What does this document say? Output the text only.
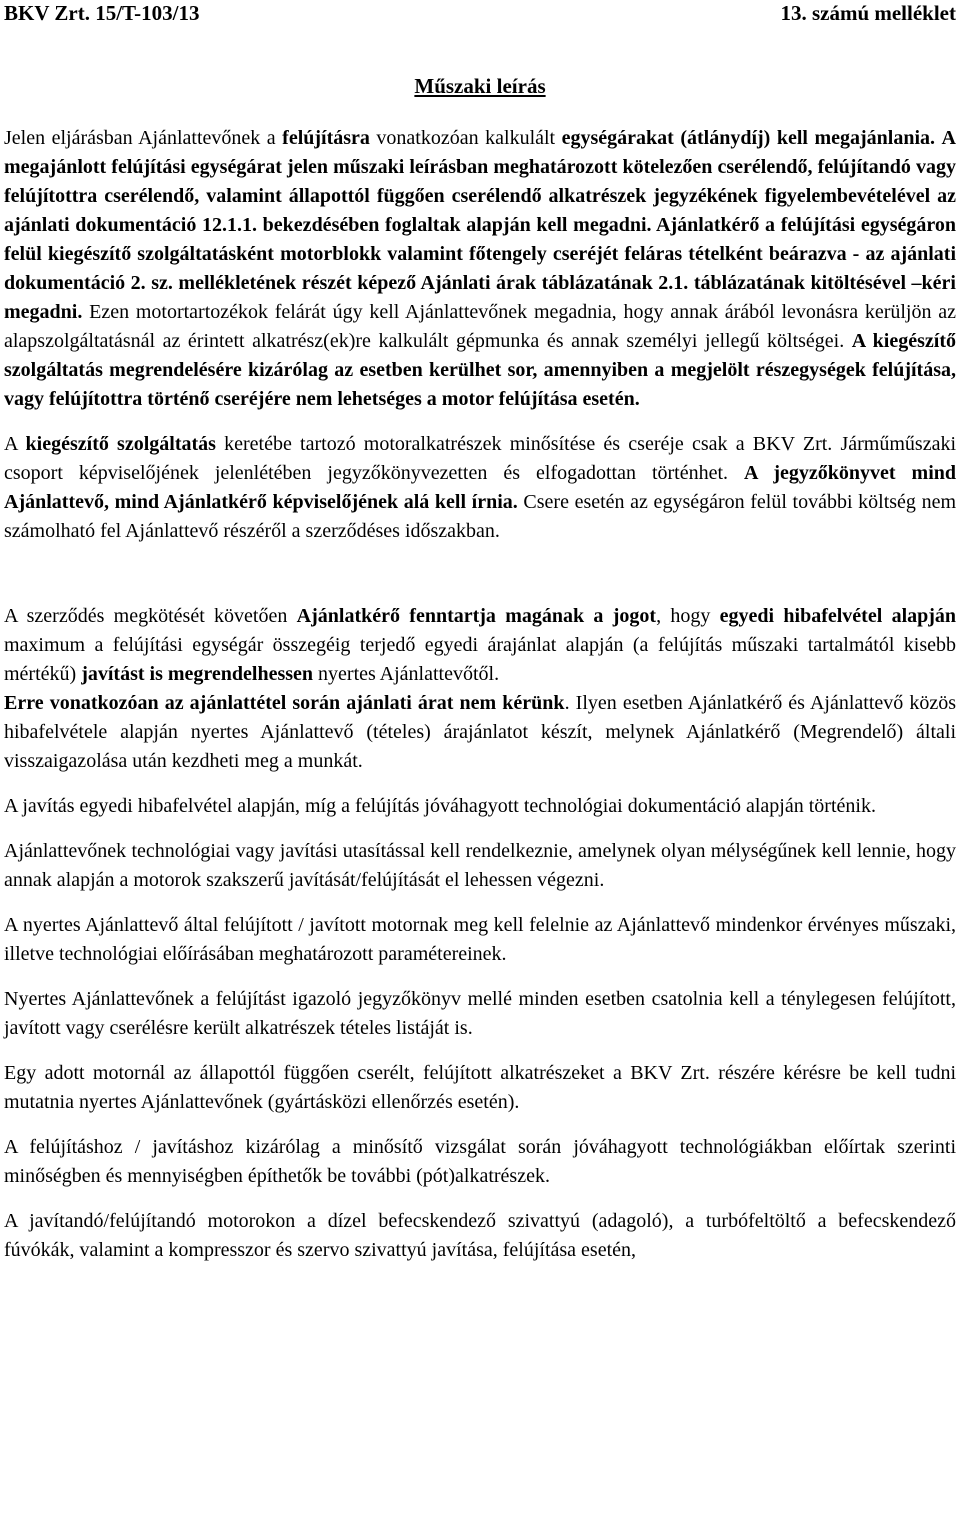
BKV Zrt. 15/T-103/13	13. számú melléklet
Műszaki leírás

Jelen eljárásban Ajánlattevőnek a felújításra vonatkozóan kalkulált egységárakat (átlánydíj) kell megajánlania. A megajánlott felújítási egységárat jelen műszaki leírásban meghatározott kötelezően cserélendő, felújítandó vagy felújítottra cserélendő, valamint állapottól függően cserélendő alkatrészek jegyzékének figyelembevételével az ajánlati dokumentáció 12.1.1. bekezdésében foglaltak alapján kell megadni. Ajánlatkérő a felújítási egységáron felül kiegészítő szolgáltatásként motorblokk valamint főtengely cseréjét feláras tételként beárazva - az ajánlati dokumentáció 2. sz. mellékletének részét képező Ajánlati árak táblázatának 2.1. táblázatának kitöltésével –kéri megadni. Ezen motortartozékok felárát úgy kell Ajánlattevőnek megadnia, hogy annak árából levonásra kerüljön az alapszolgáltatásnál az érintett alkatrész(ek)re kalkulált gépmunka és annak személyi jellegű költségei. A kiegészítő szolgáltatás megrendelésére kizárólag az esetben kerülhet sor, amennyiben a megjelölt részegységek felújítása, vagy felújítottra történő cseréjére nem lehetséges a motor felújítása esetén.

A kiegészítő szolgáltatás keretébe tartozó motoralkatrészek minősítése és cseréje csak a BKV Zrt. Járműműszaki csoport képviselőjének jelenlétében jegyzőkönyvezetten és elfogadottan történhet. A jegyzőkönyvet mind Ajánlattevő, mind Ajánlatkérő képviselőjének alá kell írnia. Csere esetén az egységáron felül további költség nem számolható fel Ajánlattevő részéről a szerződéses időszakban.

A szerződés megkötését követően Ajánlatkérő fenntartja magának a jogot, hogy egyedi hibafelvétel alapján maximum a felújítási egységár összegéig terjedő egyedi árajánlat alapján (a felújítás műszaki tartalmától kisebb mértékű) javítást is megrendelhessen nyertes Ajánlattevőtől.
Erre vonatkozóan az ajánlattétel során ajánlati árat nem kérünk. Ilyen esetben Ajánlatkérő és Ajánlattevő közös hibafelvétele alapján nyertes Ajánlattevő (tételes) árajánlatot készít, melynek Ajánlatkérő (Megrendelő) általi visszaigazolása után kezdheti meg a munkát.

A javítás egyedi hibafelvétel alapján, míg a felújítás jóváhagyott technológiai dokumentáció alapján történik.

Ajánlattevőnek technológiai vagy javítási utasítással kell rendelkeznie, amelynek olyan mélységűnek kell lennie, hogy annak alapján a motorok szakszerű javítását/felújítását el lehessen végezni.

A nyertes Ajánlattevő által felújított / javított motornak meg kell felelnie az Ajánlattevő mindenkor érvényes műszaki, illetve technológiai előírásában meghatározott paramétereinek.

Nyertes Ajánlattevőnek a felújítást igazoló jegyzőkönyv mellé minden esetben csatolnia kell a ténylegesen felújított, javított vagy cserélésre került alkatrészek tételes listáját is.

Egy adott motornál az állapottól függően cserélt, felújított alkatrészeket a BKV Zrt. részére kérésre be kell tudni mutatnia nyertes Ajánlattevőnek (gyártásközi ellenőrzés esetén).

A felújításhoz / javításhoz kizárólag a minősítő vizsgálat során jóváhagyott technológiákban előírtak szerinti minőségben és mennyiségben építhetők be további (pót)alkatrészek.

A javítandó/felújítandó motorokon a dízel befecskendező szivattyú (adagoló), a turbófeltöltő a befecskendező fúvókák, valamint a kompresszor és szervo szivattyú javítása, felújítása esetén,
